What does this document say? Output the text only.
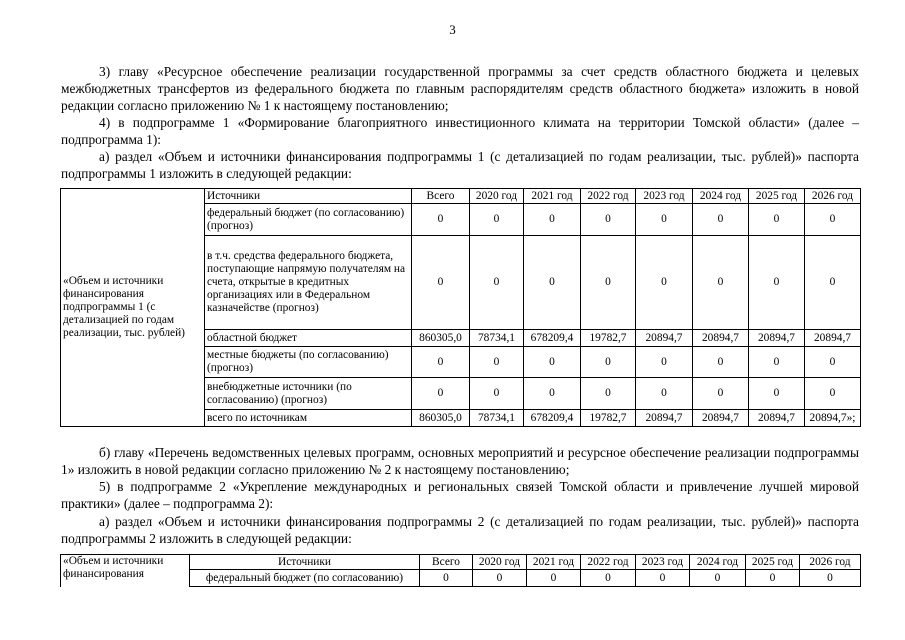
3
3) главу «Ресурсное обеспечение реализации государственной программы за счет средств областного бюджета и целевых межбюджетных трансфертов из федерального бюджета по главным распорядителям средств областного бюджета» изложить в новой редакции согласно приложению № 1 к настоящему постановлению;
4) в подпрограмме 1 «Формирование благоприятного инвестиционного климата на территории Томской области» (далее – подпрограмма 1):
а) раздел «Объем и источники финансирования подпрограммы 1 (с детализацией по годам реализации, тыс. рублей)» паспорта подпрограммы 1 изложить в следующей редакции:
«Объем и источники финансирования подпрограммы 1 (с детализацией по годам реализации, тыс. рублей)	Источники	Всего	2020 год	2021 год	2022 год	2023 год	2024 год	2025 год	2026 год
	федеральный бюджет (по согласованию) (прогноз)	0	0	0	0	0	0	0	0
	в т.ч. средства федерального бюджета, поступающие напрямую получателям на счета, открытые в кредитных организациях или в Федеральном казначействе (прогноз)	0	0	0	0	0	0	0	0
	областной бюджет	860305,0	78734,1	678209,4	19782,7	20894,7	20894,7	20894,7	20894,7
	местные бюджеты (по согласованию) (прогноз)	0	0	0	0	0	0	0	0
	внебюджетные источники (по согласованию) (прогноз)	0	0	0	0	0	0	0	0
	всего по источникам	860305,0	78734,1	678209,4	19782,7	20894,7	20894,7	20894,7	20894,7»;
б) главу «Перечень ведомственных целевых программ, основных мероприятий и ресурсное обеспечение реализации подпрограммы 1» изложить в новой редакции согласно приложению № 2 к настоящему постановлению;
5) в подпрограмме 2 «Укрепление международных и региональных связей Томской области и привлечение лучшей мировой практики» (далее – подпрограмма 2):
а) раздел «Объем и источники финансирования подпрограммы 2 (с детализацией по годам реализации, тыс. рублей)» паспорта подпрограммы 2 изложить в следующей редакции:
«Объем и источники финансирования	Источники	Всего	2020 год	2021 год	2022 год	2023 год	2024 год	2025 год	2026 год
	федеральный бюджет (по согласованию)	0	0	0	0	0	0	0	0
